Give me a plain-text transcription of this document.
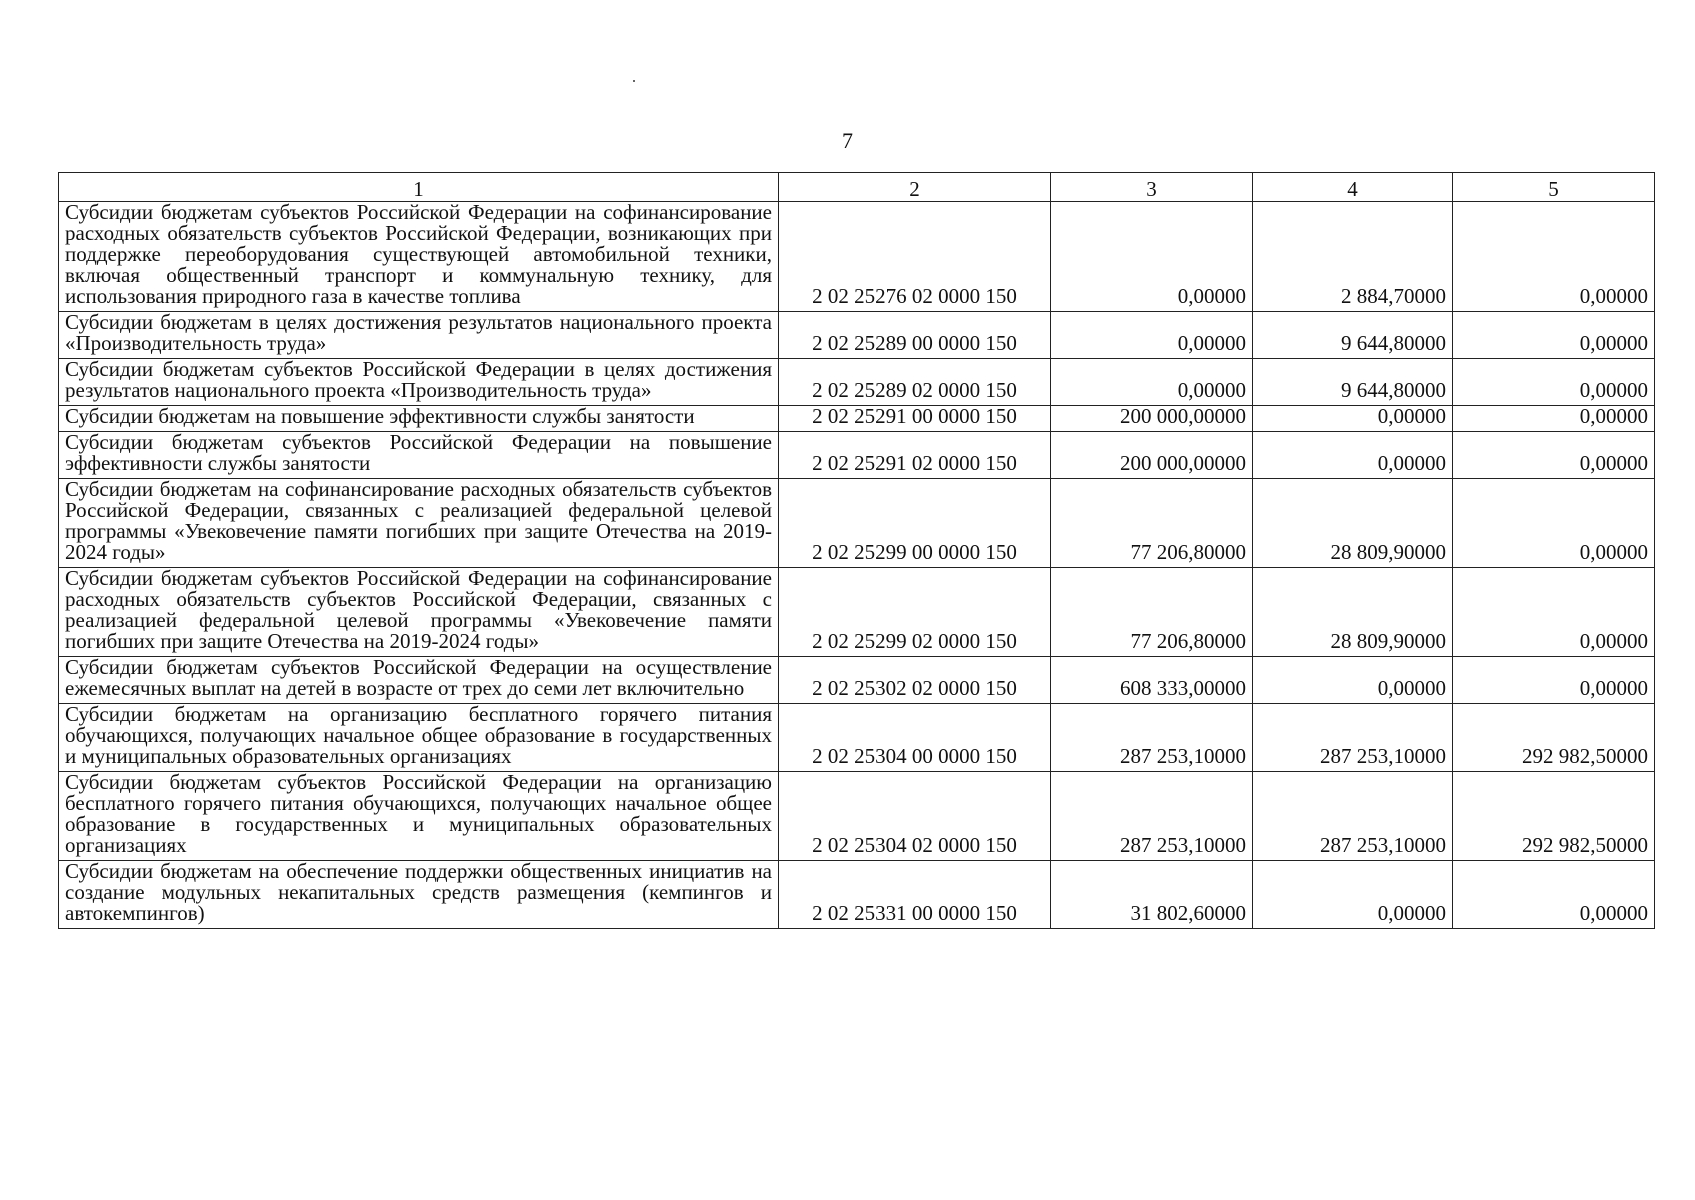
7
1	2	3	4	5
Субсидии бюджетам субъектов Российской Федерации на софинансирование расходных обязательств субъектов Российской Федерации, возникающих при поддержке переоборудования существующей автомобильной техники, включая общественный транспорт и коммунальную технику, для использования природного газа в качестве топлива	2 02 25276 02 0000 150	0,00000	2 884,70000	0,00000
Субсидии бюджетам в целях достижения результатов национального проекта «Производительность труда»	2 02 25289 00 0000 150	0,00000	9 644,80000	0,00000
Субсидии бюджетам субъектов Российской Федерации в целях достижения результатов национального проекта «Производительность труда»	2 02 25289 02 0000 150	0,00000	9 644,80000	0,00000
Субсидии бюджетам на повышение эффективности службы занятости	2 02 25291 00 0000 150	200 000,00000	0,00000	0,00000
Субсидии бюджетам субъектов Российской Федерации на повышение эффективности службы занятости	2 02 25291 02 0000 150	200 000,00000	0,00000	0,00000
Субсидии бюджетам на софинансирование расходных обязательств субъектов Российской Федерации, связанных с реализацией федеральной целевой программы «Увековечение памяти погибших при защите Отечества на 2019-2024 годы»	2 02 25299 00 0000 150	77 206,80000	28 809,90000	0,00000
Субсидии бюджетам субъектов Российской Федерации на софинансирование расходных обязательств субъектов Российской Федерации, связанных с реализацией федеральной целевой программы «Увековечение памяти погибших при защите Отечества на 2019-2024 годы»	2 02 25299 02 0000 150	77 206,80000	28 809,90000	0,00000
Субсидии бюджетам субъектов Российской Федерации на осуществление ежемесячных выплат на детей в возрасте от трех до семи лет включительно	2 02 25302 02 0000 150	608 333,00000	0,00000	0,00000
Субсидии бюджетам на организацию бесплатного горячего питания обучающихся, получающих начальное общее образование в государственных и муниципальных образовательных организациях	2 02 25304 00 0000 150	287 253,10000	287 253,10000	292 982,50000
Субсидии бюджетам субъектов Российской Федерации на организацию бесплатного горячего питания обучающихся, получающих начальное общее образование в государственных и муниципальных образовательных организациях	2 02 25304 02 0000 150	287 253,10000	287 253,10000	292 982,50000
Субсидии бюджетам на обеспечение поддержки общественных инициатив на создание модульных некапитальных средств размещения (кемпингов и автокемпингов)	2 02 25331 00 0000 150	31 802,60000	0,00000	0,00000
